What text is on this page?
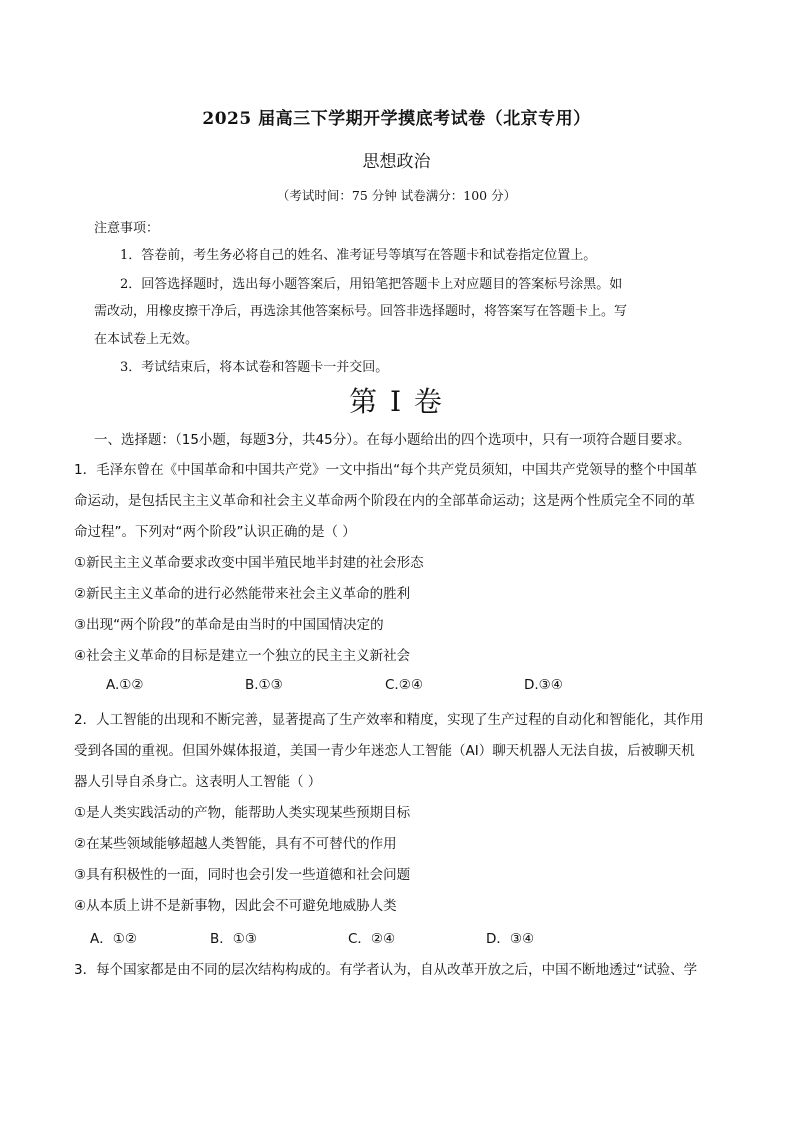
2025 届高三下学期开学摸底考试卷（北京专用）
思想政治
（考试时间：75 分钟 试卷满分：100 分）
注意事项：
1．答卷前，考生务必将自己的姓名、准考证号等填写在答题卡和试卷指定位置上。
2．回答选择题时，选出每小题答案后，用铅笔把答题卡上对应题目的答案标号涂黑。如
需改动，用橡皮擦干净后，再选涂其他答案标号。回答非选择题时，将答案写在答题卡上。写
在本试卷上无效。
3．考试结束后，将本试卷和答题卡一并交回。
第 I 卷
一、选择题：（15小题，每题3分，共45分）。在每小题给出的四个选项中，只有一项符合题目要求。
1．毛泽东曾在《中国革命和中国共产党》一文中指出“每个共产党员须知，中国共产党领导的整个中国革
命运动，是包括民主主义革命和社会主义革命两个阶段在内的全部革命运动；这是两个性质完全不同的革
命过程”。下列对“两个阶段”认识正确的是（ ）
①新民主主义革命要求改变中国半殖民地半封建的社会形态
②新民主主义革命的进行必然能带来社会主义革命的胜利
③出现“两个阶段”的革命是由当时的中国国情决定的
④社会主义革命的目标是建立一个独立的民主主义新社会
A.①②	B.①③	C.②④	D.③④
2．人工智能的出现和不断完善，显著提高了生产效率和精度，实现了生产过程的自动化和智能化，其作用
受到各国的重视。但国外媒体报道，美国一青少年迷恋人工智能（AI）聊天机器人无法自拔，后被聊天机
器人引导自杀身亡。这表明人工智能（ ）
①是人类实践活动的产物，能帮助人类实现某些预期目标
②在某些领域能够超越人类智能，具有不可替代的作用
③具有积极性的一面，同时也会引发一些道德和社会问题
④从本质上讲不是新事物，因此会不可避免地威胁人类
A．①②	B．①③	C．②④	D．③④
3．每个国家都是由不同的层次结构构成的。有学者认为，自从改革开放之后，中国不断地透过“试验、学
